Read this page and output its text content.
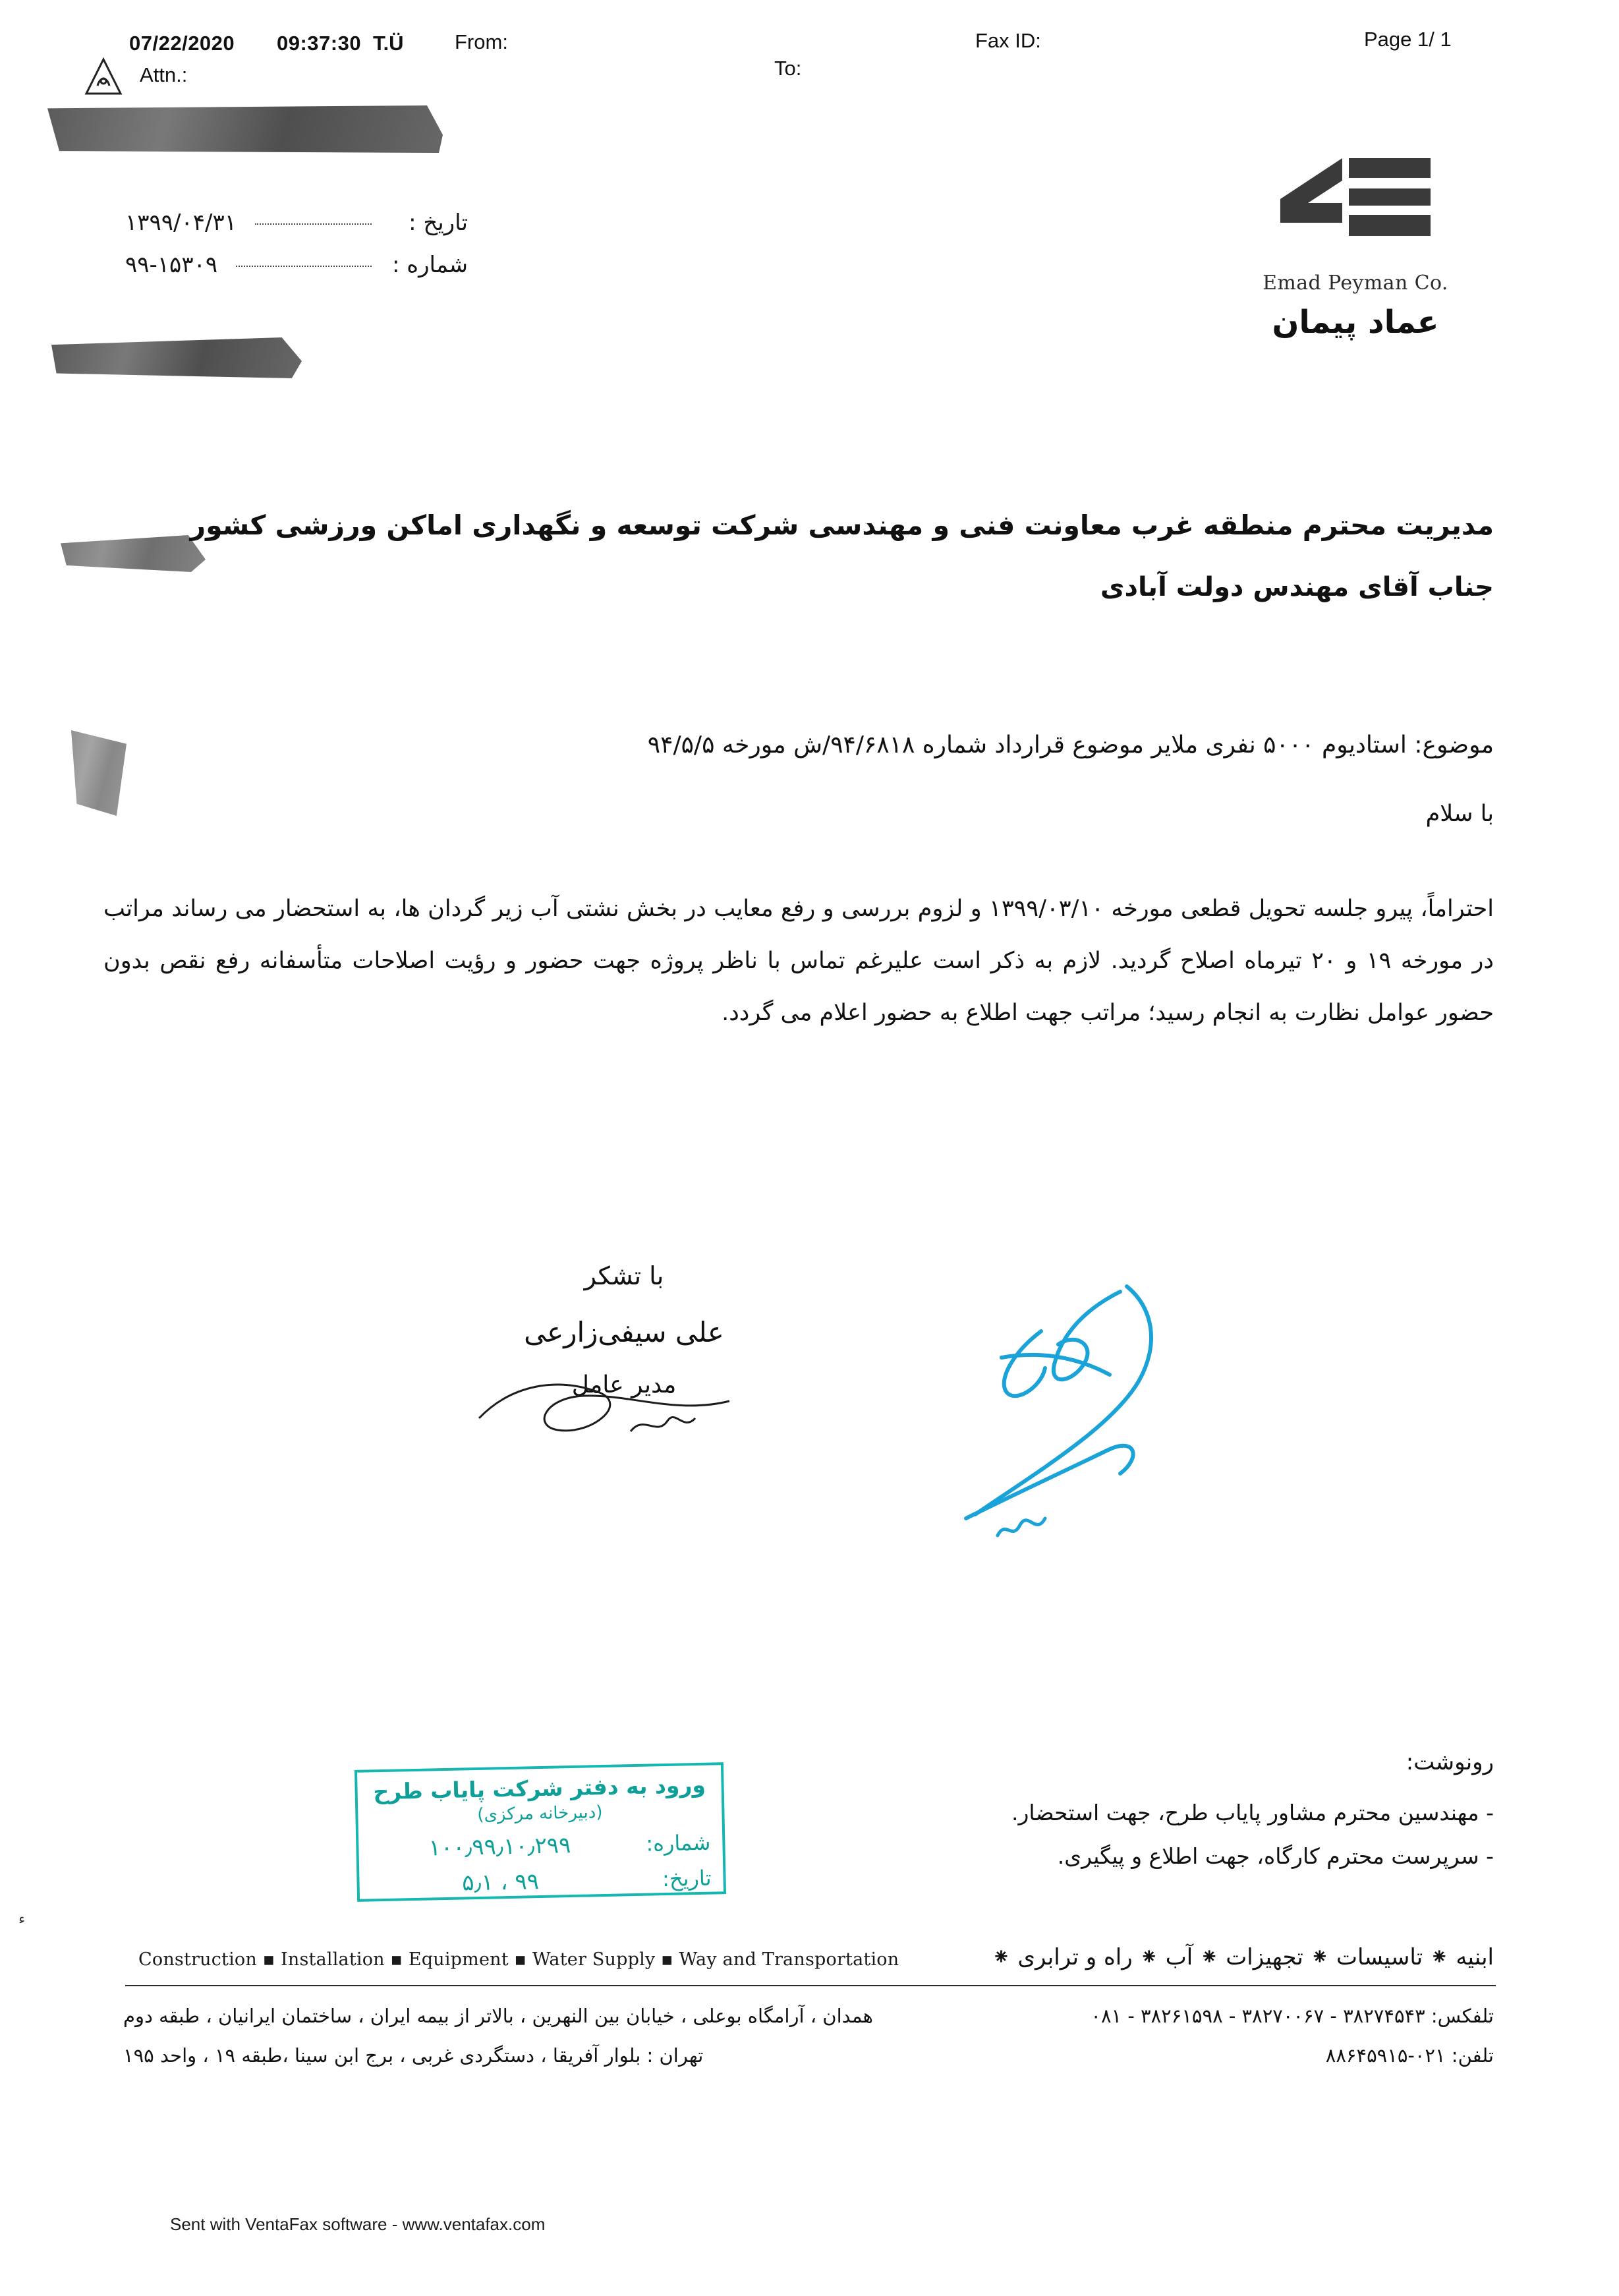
07/22/2020 09:37:30 T.Ü	From:
To:
Fax ID:	Page 1/ 1
Attn.:
تاریخ :
۱۳۹۹/۰۴/۳۱
شماره :
۹۹-۱۵۳۰۹
Emad Peyman Co.
عماد پیمان
مدیریت محترم منطقه غرب معاونت فنی و مهندسی شرکت توسعه و نگهداری اماکن ورزشی کشور
جناب آقای مهندس دولت آبادی
موضوع: استادیوم ۵۰۰۰ نفری ملایر موضوع قرارداد شماره ۹۴/۶۸۱۸/ش مورخه ۹۴/۵/۵
با سلام

احتراماً، پیرو جلسه تحویل قطعی مورخه ۱۳۹۹/۰۳/۱۰ و لزوم بررسی و رفع معایب در بخش نشتی آب زیر گردان ها، به استحضار می رساند مراتب در مورخه ۱۹ و ۲۰ تیرماه اصلاح گردید. لازم به ذکر است علیرغم تماس با ناظر پروژه جهت حضور و رؤیت اصلاحات متأسفانه رفع نقص بدون حضور عوامل نظارت به انجام رسید؛ مراتب جهت اطلاع به حضور اعلام می گردد.

با تشکر
علی سیفی‌زارعی
مدیر عامل
ورود به دفتر شرکت پایاب طرح
(دبیرخانه مرکزی)
شماره:
۱۰۰٫۹۹٫۱۰٫۲۹۹
تاریخ:
۹۹ ، ۵٫۱
رونوشت:
- مهندسین محترم مشاور پایاب طرح، جهت استحضار.
- سرپرست محترم کارگاه، جهت اطلاع و پیگیری.
ابنیه ⁕ تاسیسات ⁕ تجهیزات ⁕ آب ⁕ راه و ترابری ⁕
Construction ▪ Installation ▪ Equipment ▪ Water Supply ▪ Way and Transportation
تلفکس: ۳۸۲۷۴۵۴۳ - ۳۸۲۷۰۰۶۷ - ۳۸۲۶۱۵۹۸ - ۰۸۱
همدان ، آرامگاه بوعلی ، خیابان بین النهرین ، بالاتر از بیمه ایران ، ساختمان ایرانیان ، طبقه دوم
تلفن: ۰۲۱-۸۸۶۴۵۹۱۵
تهران : بلوار آفریقا ، دستگردی غربی ، برج ابن سینا ،طبقه ۱۹ ، واحد ۱۹۵
ء
Sent with VentaFax software - www.ventafax.com
